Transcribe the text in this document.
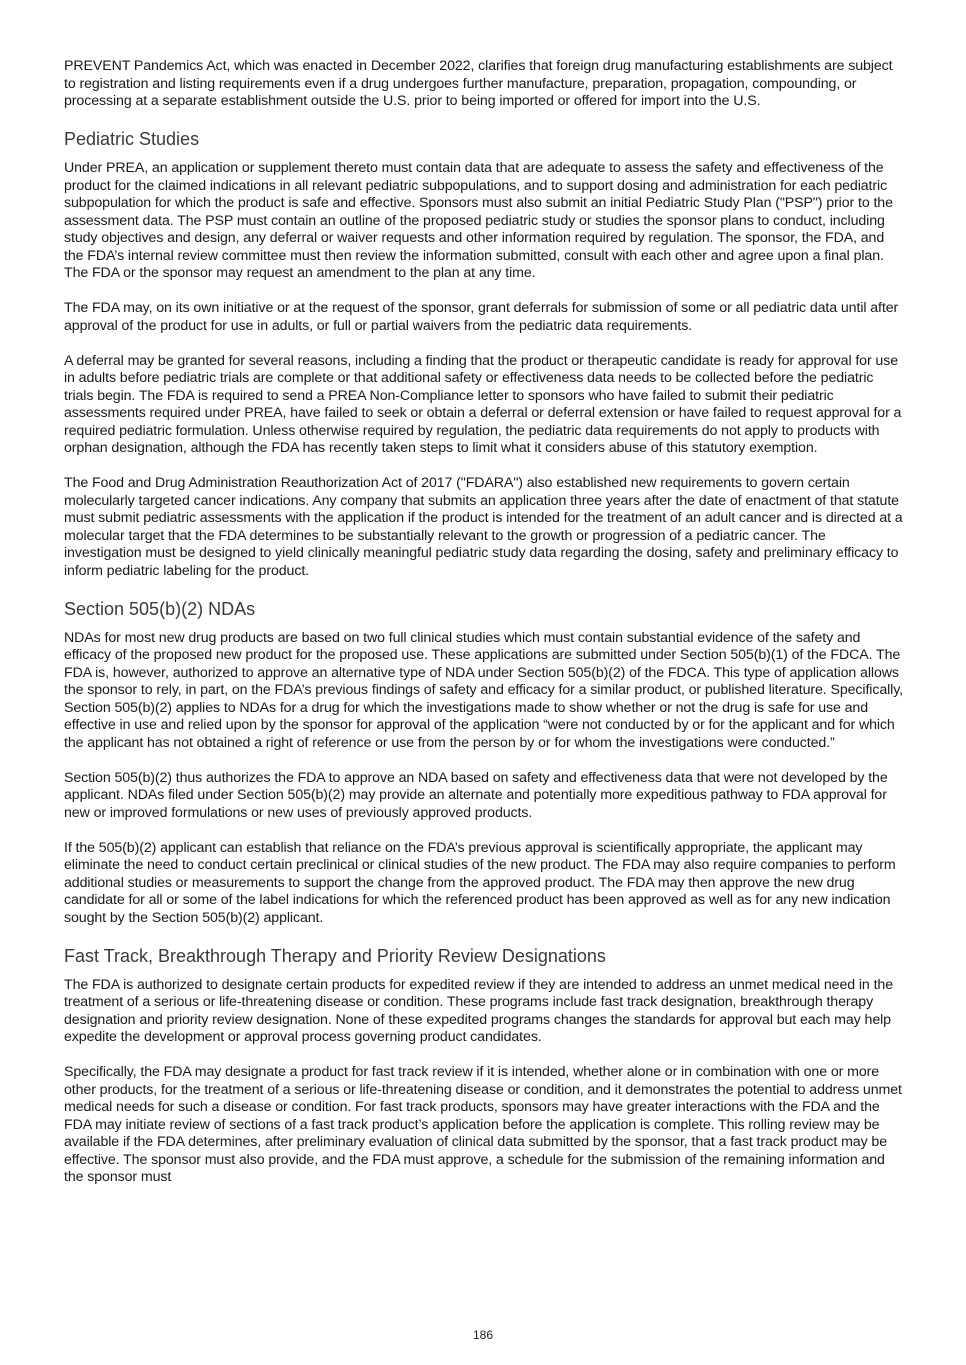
PREVENT Pandemics Act, which was enacted in December 2022, clarifies that foreign drug manufacturing establishments are subject to registration and listing requirements even if a drug undergoes further manufacture, preparation, propagation, compounding, or processing at a separate establishment outside the U.S. prior to being imported or offered for import into the U.S.

Pediatric Studies

Under PREA, an application or supplement thereto must contain data that are adequate to assess the safety and effectiveness of the product for the claimed indications in all relevant pediatric subpopulations, and to support dosing and administration for each pediatric subpopulation for which the product is safe and effective. Sponsors must also submit an initial Pediatric Study Plan ("PSP") prior to the assessment data. The PSP must contain an outline of the proposed pediatric study or studies the sponsor plans to conduct, including study objectives and design, any deferral or waiver requests and other information required by regulation. The sponsor, the FDA, and the FDA’s internal review committee must then review the information submitted, consult with each other and agree upon a final plan. The FDA or the sponsor may request an amendment to the plan at any time.

The FDA may, on its own initiative or at the request of the sponsor, grant deferrals for submission of some or all pediatric data until after approval of the product for use in adults, or full or partial waivers from the pediatric data requirements.

A deferral may be granted for several reasons, including a finding that the product or therapeutic candidate is ready for approval for use in adults before pediatric trials are complete or that additional safety or effectiveness data needs to be collected before the pediatric trials begin. The FDA is required to send a PREA Non-Compliance letter to sponsors who have failed to submit their pediatric assessments required under PREA, have failed to seek or obtain a deferral or deferral extension or have failed to request approval for a required pediatric formulation. Unless otherwise required by regulation, the pediatric data requirements do not apply to products with orphan designation, although the FDA has recently taken steps to limit what it considers abuse of this statutory exemption.

The Food and Drug Administration Reauthorization Act of 2017 ("FDARA") also established new requirements to govern certain molecularly targeted cancer indications. Any company that submits an application three years after the date of enactment of that statute must submit pediatric assessments with the application if the product is intended for the treatment of an adult cancer and is directed at a molecular target that the FDA determines to be substantially relevant to the growth or progression of a pediatric cancer. The investigation must be designed to yield clinically meaningful pediatric study data regarding the dosing, safety and preliminary efficacy to inform pediatric labeling for the product.

Section 505(b)(2) NDAs

NDAs for most new drug products are based on two full clinical studies which must contain substantial evidence of the safety and efficacy of the proposed new product for the proposed use. These applications are submitted under Section 505(b)(1) of the FDCA. The FDA is, however, authorized to approve an alternative type of NDA under Section 505(b)(2) of the FDCA. This type of application allows the sponsor to rely, in part, on the FDA’s previous findings of safety and efficacy for a similar product, or published literature. Specifically, Section 505(b)(2) applies to NDAs for a drug for which the investigations made to show whether or not the drug is safe for use and effective in use and relied upon by the sponsor for approval of the application “were not conducted by or for the applicant and for which the applicant has not obtained a right of reference or use from the person by or for whom the investigations were conducted.”

Section 505(b)(2) thus authorizes the FDA to approve an NDA based on safety and effectiveness data that were not developed by the applicant. NDAs filed under Section 505(b)(2) may provide an alternate and potentially more expeditious pathway to FDA approval for new or improved formulations or new uses of previously approved products.

If the 505(b)(2) applicant can establish that reliance on the FDA’s previous approval is scientifically appropriate, the applicant may eliminate the need to conduct certain preclinical or clinical studies of the new product. The FDA may also require companies to perform additional studies or measurements to support the change from the approved product. The FDA may then approve the new drug candidate for all or some of the label indications for which the referenced product has been approved as well as for any new indication sought by the Section 505(b)(2) applicant.

Fast Track, Breakthrough Therapy and Priority Review Designations

The FDA is authorized to designate certain products for expedited review if they are intended to address an unmet medical need in the treatment of a serious or life-threatening disease or condition. These programs include fast track designation, breakthrough therapy designation and priority review designation. None of these expedited programs changes the standards for approval but each may help expedite the development or approval process governing product candidates.

Specifically, the FDA may designate a product for fast track review if it is intended, whether alone or in combination with one or more other products, for the treatment of a serious or life-threatening disease or condition, and it demonstrates the potential to address unmet medical needs for such a disease or condition. For fast track products, sponsors may have greater interactions with the FDA and the FDA may initiate review of sections of a fast track product’s application before the application is complete. This rolling review may be available if the FDA determines, after preliminary evaluation of clinical data submitted by the sponsor, that a fast track product may be effective. The sponsor must also provide, and the FDA must approve, a schedule for the submission of the remaining information and the sponsor must

186
